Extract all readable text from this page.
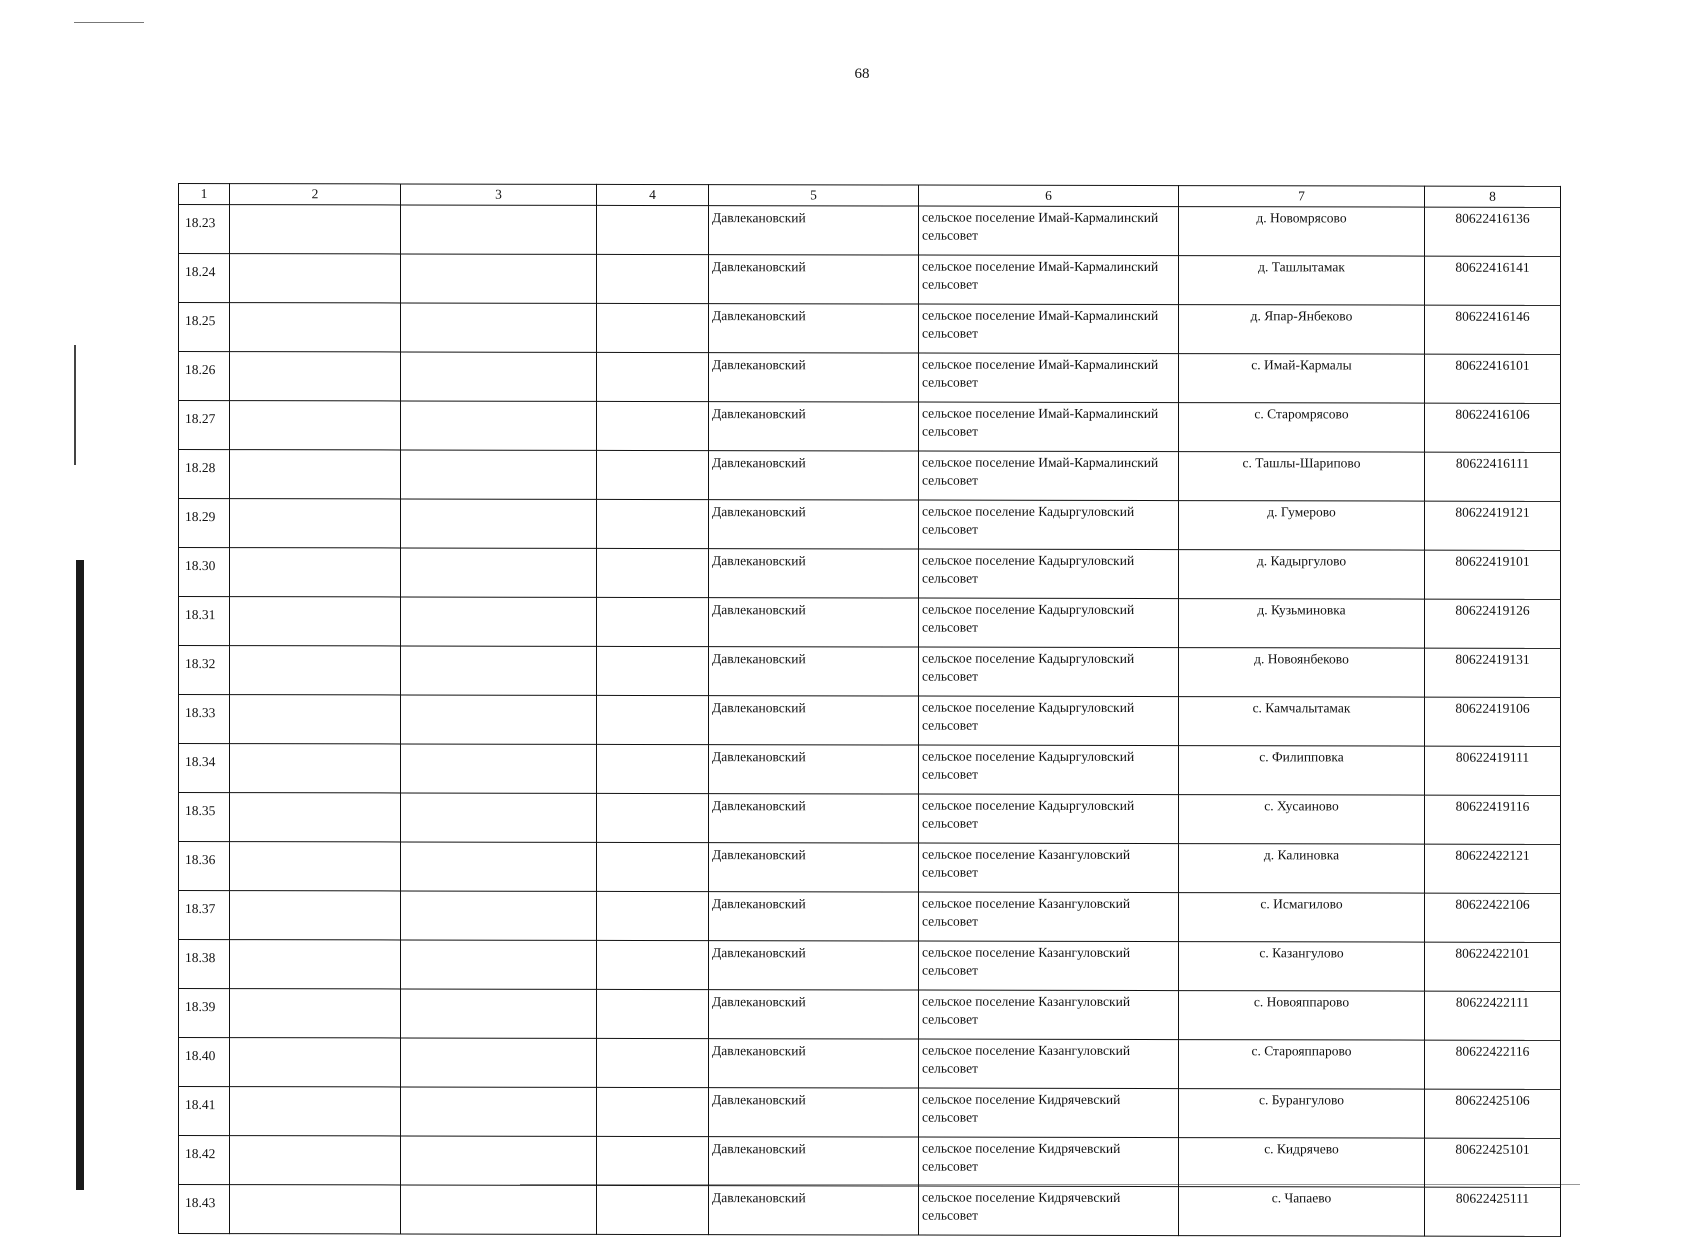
68
1	2	3	4	5	6	7	8
18.23				Давлекановский	сельское поселение Имай-Кармалинский сельсовет	д. Новомрясово	80622416136
18.24				Давлекановский	сельское поселение Имай-Кармалинский сельсовет	д. Ташлытамак	80622416141
18.25				Давлекановский	сельское поселение Имай-Кармалинский сельсовет	д. Япар-Янбеково	80622416146
18.26				Давлекановский	сельское поселение Имай-Кармалинский сельсовет	с. Имай-Кармалы	80622416101
18.27				Давлекановский	сельское поселение Имай-Кармалинский сельсовет	с. Старомрясово	80622416106
18.28				Давлекановский	сельское поселение Имай-Кармалинский сельсовет	с. Ташлы-Шарипово	80622416111
18.29				Давлекановский	сельское поселение Кадыргуловский сельсовет	д. Гумерово	80622419121
18.30				Давлекановский	сельское поселение Кадыргуловский сельсовет	д. Кадыргулово	80622419101
18.31				Давлекановский	сельское поселение Кадыргуловский сельсовет	д. Кузьминовка	80622419126
18.32				Давлекановский	сельское поселение Кадыргуловский сельсовет	д. Новоянбеково	80622419131
18.33				Давлекановский	сельское поселение Кадыргуловский сельсовет	с. Камчалытамак	80622419106
18.34				Давлекановский	сельское поселение Кадыргуловский сельсовет	с. Филипповка	80622419111
18.35				Давлекановский	сельское поселение Кадыргуловский сельсовет	с. Хусаиново	80622419116
18.36				Давлекановский	сельское поселение Казангуловский сельсовет	д. Калиновка	80622422121
18.37				Давлекановский	сельское поселение Казангуловский сельсовет	с. Исмагилово	80622422106
18.38				Давлекановский	сельское поселение Казангуловский сельсовет	с. Казангулово	80622422101
18.39				Давлекановский	сельское поселение Казангуловский сельсовет	с. Новояппарово	80622422111
18.40				Давлекановский	сельское поселение Казангуловский сельсовет	с. Старояппарово	80622422116
18.41				Давлекановский	сельское поселение Кидрячевский сельсовет	с. Бурангулово	80622425106
18.42				Давлекановский	сельское поселение Кидрячевский сельсовет	с. Кидрячево	80622425101
18.43				Давлекановский	сельское поселение Кидрячевский сельсовет	с. Чапаево	80622425111
